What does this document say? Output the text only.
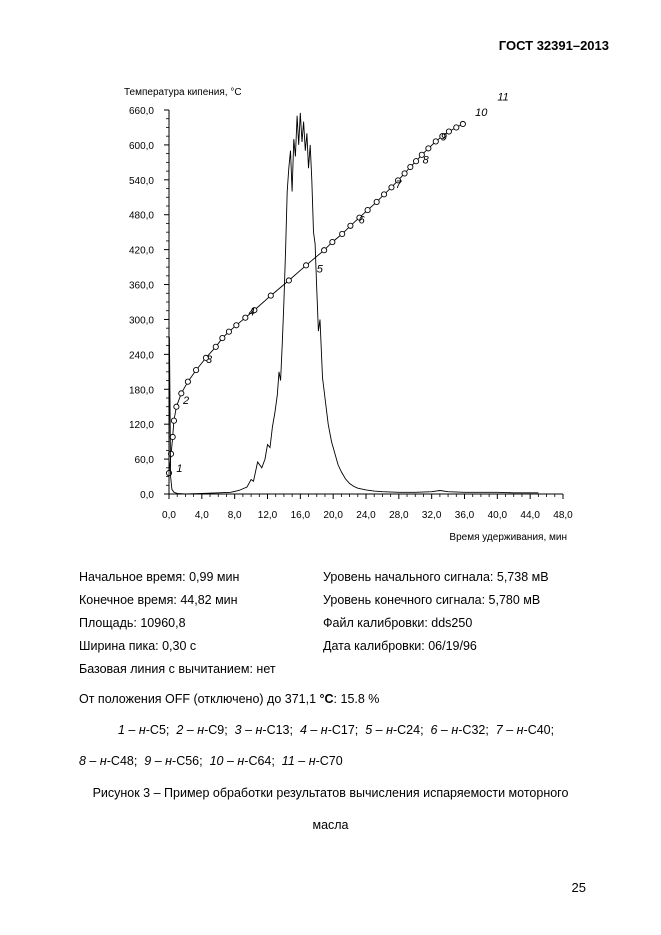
ГОСТ 32391–2013
Температура кипения, °С
Время удерживания, мин
0,0 4,0 8,0 12,0 16,0 20,0 24,0 28,0 32,0 36,0 40,0 44,0 48,0
0,0
60,0
120,0
180,0
240,0
300,0
360,0
420,0
480,0
540,0
600,0
660,0
1
2
3
4
5
6
7
8
9
10
11
Начальное время: 0,99 мин
Конечное время: 44,82 мин
Площадь: 10960,8
Ширина пика: 0,30 с
Базовая линия с вычитанием: нет
Уровень начального сигнала: 5,738 мВ
Уровень конечного сигнала: 5,780 мВ
Файл калибровки: dds250
Дата калибровки: 06/19/96
От положения OFF (отключено) до 371,1 °С: 15.8 %
1 – н-C5;  2 – н-C9;  3 – н-C13;  4 – н-C17;  5 – н-C24;  6 – н-C32;  7 – н-C40;
8 – н-C48;  9 – н-C56;  10 – н-C64;  11 – н-C70
Рисунок 3 – Пример обработки результатов вычисления испаряемости моторного
масла
25
